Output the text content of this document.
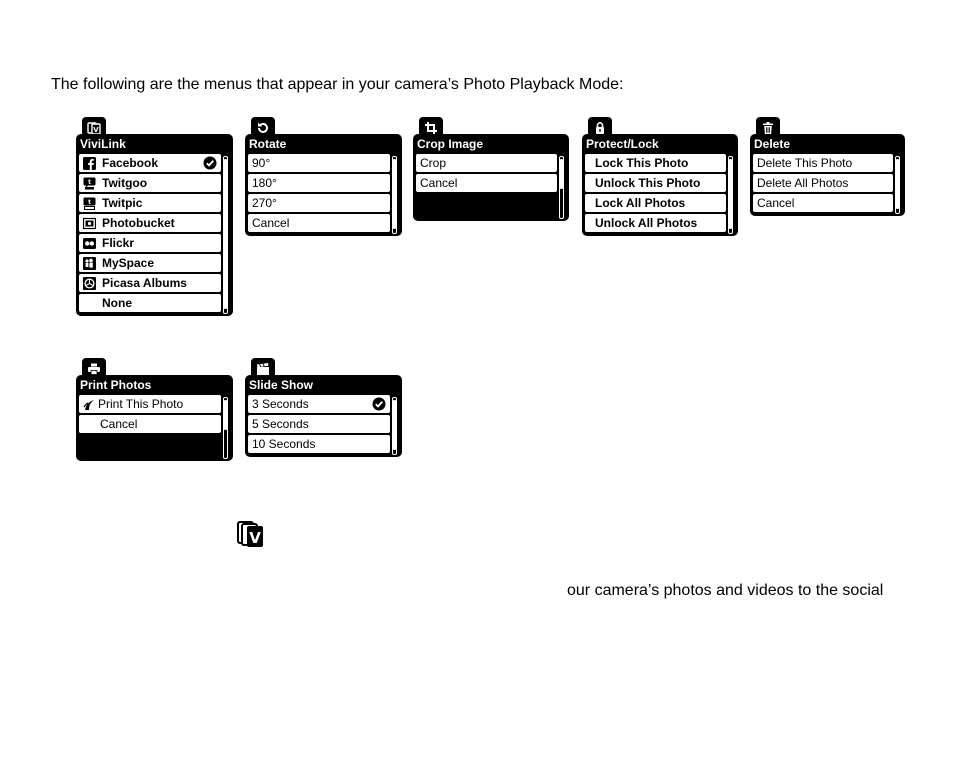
The following are the menus that appear in your camera’s Photo Playback Mode:
V
ViviLink
Facebook
t Twitgoo
t Twitpic
Photobucket
Flickr
MySpace
Picasa Albums
None
Rotate
90°
180°
270°
Cancel
Crop Image
Crop
Cancel
Protect/Lock
Lock This Photo
Unlock This Photo
Lock All Photos
Unlock All Photos
Delete
Delete This Photo
Delete All Photos
Cancel
Print Photos
Print This Photo
Cancel
Slide Show
3 Seconds
5 Seconds
10 Seconds
V
our camera’s photos and videos to the social
